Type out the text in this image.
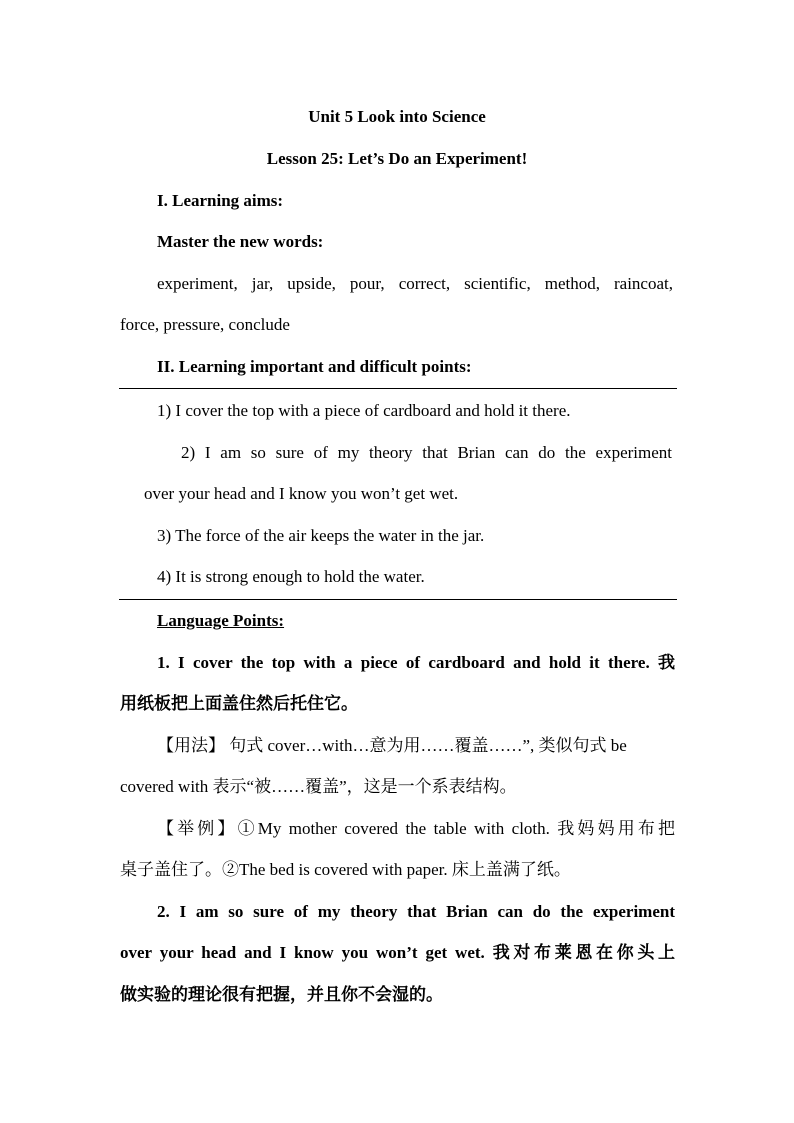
Unit 5 Look into Science
Lesson 25: Let’s Do an Experiment!
I. Learning aims:
Master the new words:
experiment, jar, upside, pour, correct, scientific, method, raincoat,
force, pressure, conclude
II. Learning important and difficult points:
1) I cover the top with a piece of cardboard and hold it there.
2) I am so sure of my theory that Brian can do the experiment
over your head and I know you won’t get wet.
3) The force of the air keeps the water in the jar.
4) It is strong enough to hold the water.
Language Points:
1. I cover the top with a piece of cardboard and hold it there. 我
用纸板把上面盖住然后托住它。
【用法】 句式 cover…with…意为用……覆盖……”, 类似句式 be
covered with 表示“被……覆盖”，这是一个系表结构。
【举例】①My mother covered the table with cloth. 我妈妈用布把
桌子盖住了。②The bed is covered with paper. 床上盖满了纸。
2. I am so sure of my theory that Brian can do the experiment
over your head and I know you won’t get wet. 我对布莱恩在你头上
做实验的理论很有把握，并且你不会湿的。
